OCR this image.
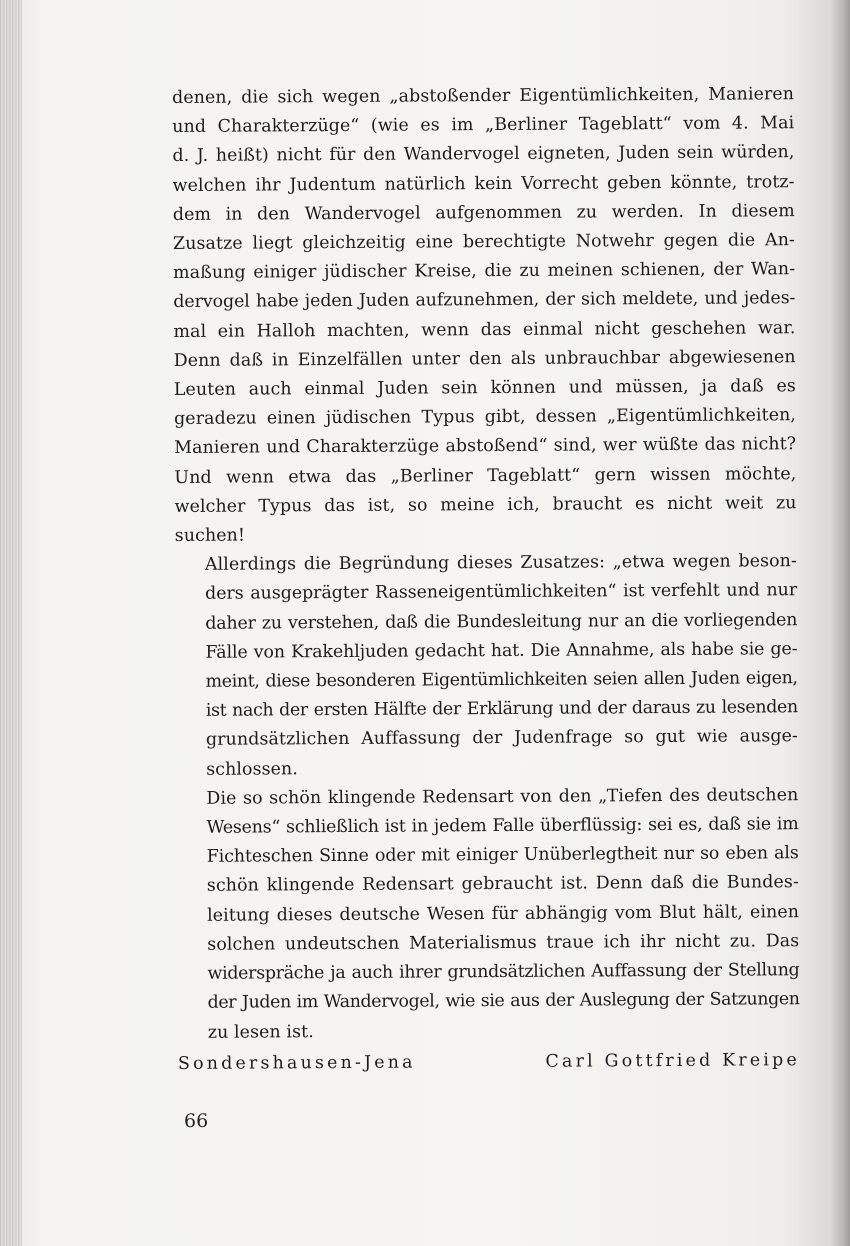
denen, die sich wegen „abstoßender Eigentümlichkeiten, Manieren
und Charakterzüge“ (wie es im „Berliner Tageblatt“ vom 4. Mai
d. J. heißt) nicht für den Wandervogel eigneten, Juden sein würden,
welchen ihr Judentum natürlich kein Vorrecht geben könnte, trotz-
dem in den Wandervogel aufgenommen zu werden. In diesem
Zusatze liegt gleichzeitig eine berechtigte Notwehr gegen die An-
maßung einiger jüdischer Kreise, die zu meinen schienen, der Wan-
dervogel habe jeden Juden aufzunehmen, der sich meldete, und jedes-
mal ein Halloh machten, wenn das einmal nicht geschehen war.
Denn daß in Einzelfällen unter den als unbrauchbar abgewiesenen
Leuten auch einmal Juden sein können und müssen, ja daß es
geradezu einen jüdischen Typus gibt, dessen „Eigentümlichkeiten,
Manieren und Charakterzüge abstoßend“ sind, wer wüßte das nicht?
Und wenn etwa das „Berliner Tageblatt“ gern wissen möchte,
welcher Typus das ist, so meine ich, braucht es nicht weit zu
suchen!

Allerdings die Begründung dieses Zusatzes: „etwa wegen beson-
ders ausgeprägter Rasseneigentümlichkeiten“ ist verfehlt und nur
daher zu verstehen, daß die Bundesleitung nur an die vorliegenden
Fälle von Krakehljuden gedacht hat. Die Annahme, als habe sie ge-
meint, diese besonderen Eigentümlichkeiten seien allen Juden eigen,
ist nach der ersten Hälfte der Erklärung und der daraus zu lesenden
grundsätzlichen Auffassung der Judenfrage so gut wie ausge-
schlossen.

Die so schön klingende Redensart von den „Tiefen des deutschen
Wesens“ schließlich ist in jedem Falle überflüssig: sei es, daß sie im
Fichteschen Sinne oder mit einiger Unüberlegtheit nur so eben als
schön klingende Redensart gebraucht ist. Denn daß die Bundes-
leitung dieses deutsche Wesen für abhängig vom Blut hält, einen
solchen undeutschen Materialismus traue ich ihr nicht zu. Das
widerspräche ja auch ihrer grundsätzlichen Auffassung der Stellung
der Juden im Wandervogel, wie sie aus der Auslegung der Satzungen
zu lesen ist.

Sondershausen-Jena	Carl Gottfried Kreipe
66
